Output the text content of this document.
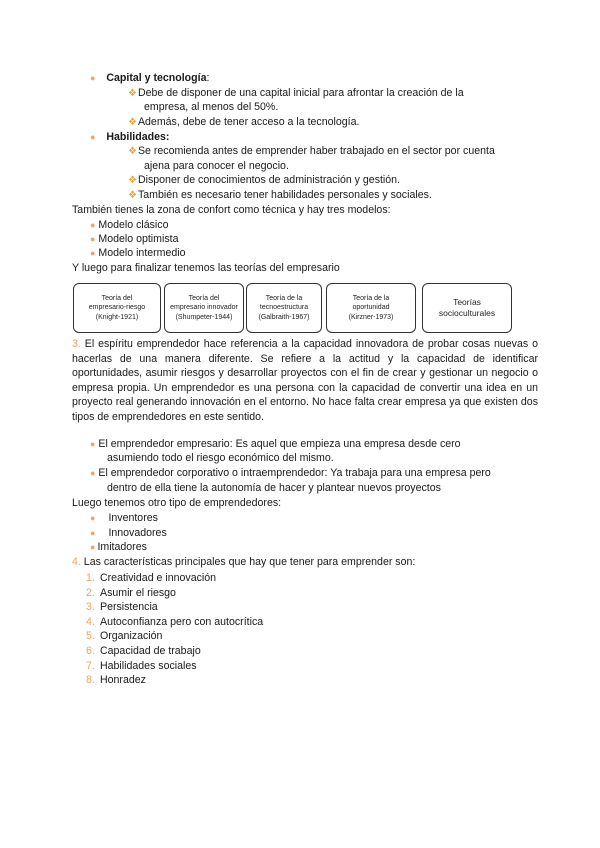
● Capital y tecnología:
❖Debe de disponer de una capital inicial para afrontar la creación de la
empresa, al menos del 50%.
❖Además, debe de tener acceso a la tecnología.
● Habilidades:
❖Se recomienda antes de emprender haber trabajado en el sector por cuenta
ajena para conocer el negocio.
❖Disponer de conocimientos de administración y gestión.
❖También es necesario tener habilidades personales y sociales.
También tienes la zona de confort como técnica y hay tres modelos:
● Modelo clásico
● Modelo optimista
● Modelo intermedio
Y luego para finalizar tenemos las teorías del empresario
Teoría del
empresario-riesgo
(Knight-1921)
Teoría del
empresario innovador
(Shumpeter-1944)
Teoría de la
tecnoestructura
(Galbraith-1967)
Teoría de la
oportunidad
(Kirzner-1973)
Teorías
socioculturales
3. El espíritu emprendedor hace referencia a la capacidad innovadora de probar cosas nuevas o hacerlas de una manera diferente. Se refiere a la actitud y la capacidad de identificar oportunidades, asumir riesgos y desarrollar proyectos con el fin de crear y gestionar un negocio o empresa propia. Un emprendedor es una persona con la capacidad de convertir una idea en un proyecto real generando innovación en el entorno. No hace falta crear empresa ya que existen dos tipos de emprendedores en este sentido.
● El emprendedor empresario: Es aquel que empieza una empresa desde cero
asumiendo todo el riesgo económico del mismo.
● El emprendedor corporativo o intraemprendedor: Ya trabaja para una empresa pero
dentro de ella tiene la autonomía de hacer y plantear nuevos proyectos
Luego tenemos otro tipo de emprendedores:
● Inventores
● Innovadores
● Imitadores
4. Las características principales que hay que tener para emprender son:
1. Creatividad e innovación
2. Asumir el riesgo
3. Persistencia
4. Autoconfianza pero con autocrítica
5. Organización
6. Capacidad de trabajo
7. Habilidades sociales
8. Honradez
